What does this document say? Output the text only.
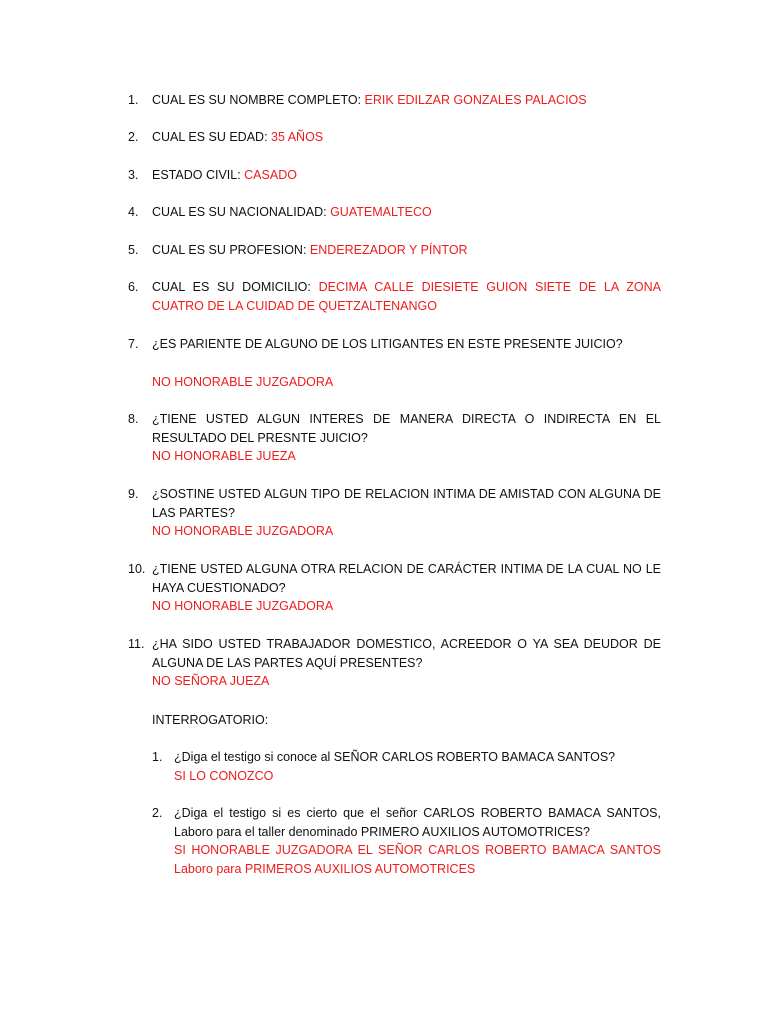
1.	CUAL ES SU NOMBRE COMPLETO: ERIK EDILZAR GONZALES PALACIOS
2.	CUAL ES SU EDAD: 35 AÑOS
3.	ESTADO CIVIL: CASADO
4.	CUAL ES SU NACIONALIDAD: GUATEMALTECO
5.	CUAL ES SU PROFESION: ENDEREZADOR Y PÍNTOR
6.	CUAL ES SU DOMICILIO: DECIMA CALLE DIESIETE GUION SIETE DE LA ZONA CUATRO DE LA CUIDAD DE QUETZALTENANGO
7.	¿ES PARIENTE DE ALGUNO DE LOS LITIGANTES EN ESTE PRESENTE JUICIO?
NO HONORABLE JUZGADORA
8.	¿TIENE USTED ALGUN INTERES DE MANERA DIRECTA O INDIRECTA EN EL RESULTADO DEL PRESNTE JUICIO?
NO HONORABLE JUEZA
9.	¿SOSTINE USTED ALGUN TIPO DE RELACION INTIMA DE AMISTAD CON ALGUNA DE LAS PARTES?
NO HONORABLE JUZGADORA
10. ¿TIENE USTED ALGUNA OTRA RELACION DE CARÁCTER INTIMA DE LA CUAL NO LE HAYA CUESTIONADO?
NO HONORABLE JUZGADORA
11. ¿HA SIDO USTED TRABAJADOR DOMESTICO, ACREEDOR O YA SEA DEUDOR DE ALGUNA DE LAS PARTES AQUÍ PRESENTES?
NO SEÑORA JUEZA
INTERROGATORIO:
1. ¿Diga el testigo si conoce al SEÑOR CARLOS ROBERTO BAMACA SANTOS?
SI LO CONOZCO
2. ¿Diga el testigo si es cierto que el señor CARLOS ROBERTO BAMACA SANTOS, Laboro para el taller denominado PRIMERO AUXILIOS AUTOMOTRICES?
SI HONORABLE JUZGADORA EL SEÑOR CARLOS ROBERTO BAMACA SANTOS Laboro para PRIMEROS AUXILIOS AUTOMOTRICES
